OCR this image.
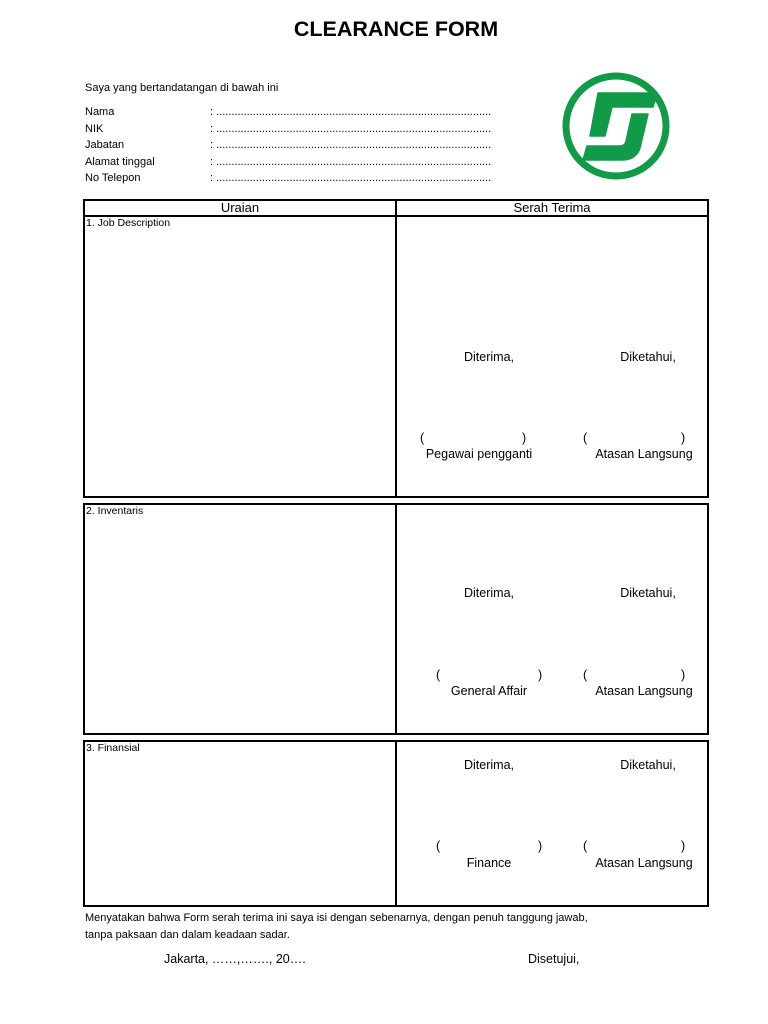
CLEARANCE FORM
Saya yang bertandatangan di bawah ini
Nama	: ..........................................................................................
NIK	: ..........................................................................................
Jabatan	: ..........................................................................................
Alamat tinggal	: ..........................................................................................
No Telepon	: ..........................................................................................
Uraian	Serah Terima
1. Job Description
Diterima,	Diketahui,
(	)	(	)
Pegawai pengganti	Atasan Langsung
2. Inventaris
Diterima,	Diketahui,
(	)	(	)
General Affair	Atasan Langsung
3. Finansial
Diterima,	Diketahui,
(	)	(	)
Finance	Atasan Langsung
Menyatakan bahwa Form serah terima ini saya isi dengan sebenarnya, dengan penuh tanggung jawab,
tanpa paksaan dan dalam keadaan sadar.
Jakarta, ……,……., 20….	Disetujui,
